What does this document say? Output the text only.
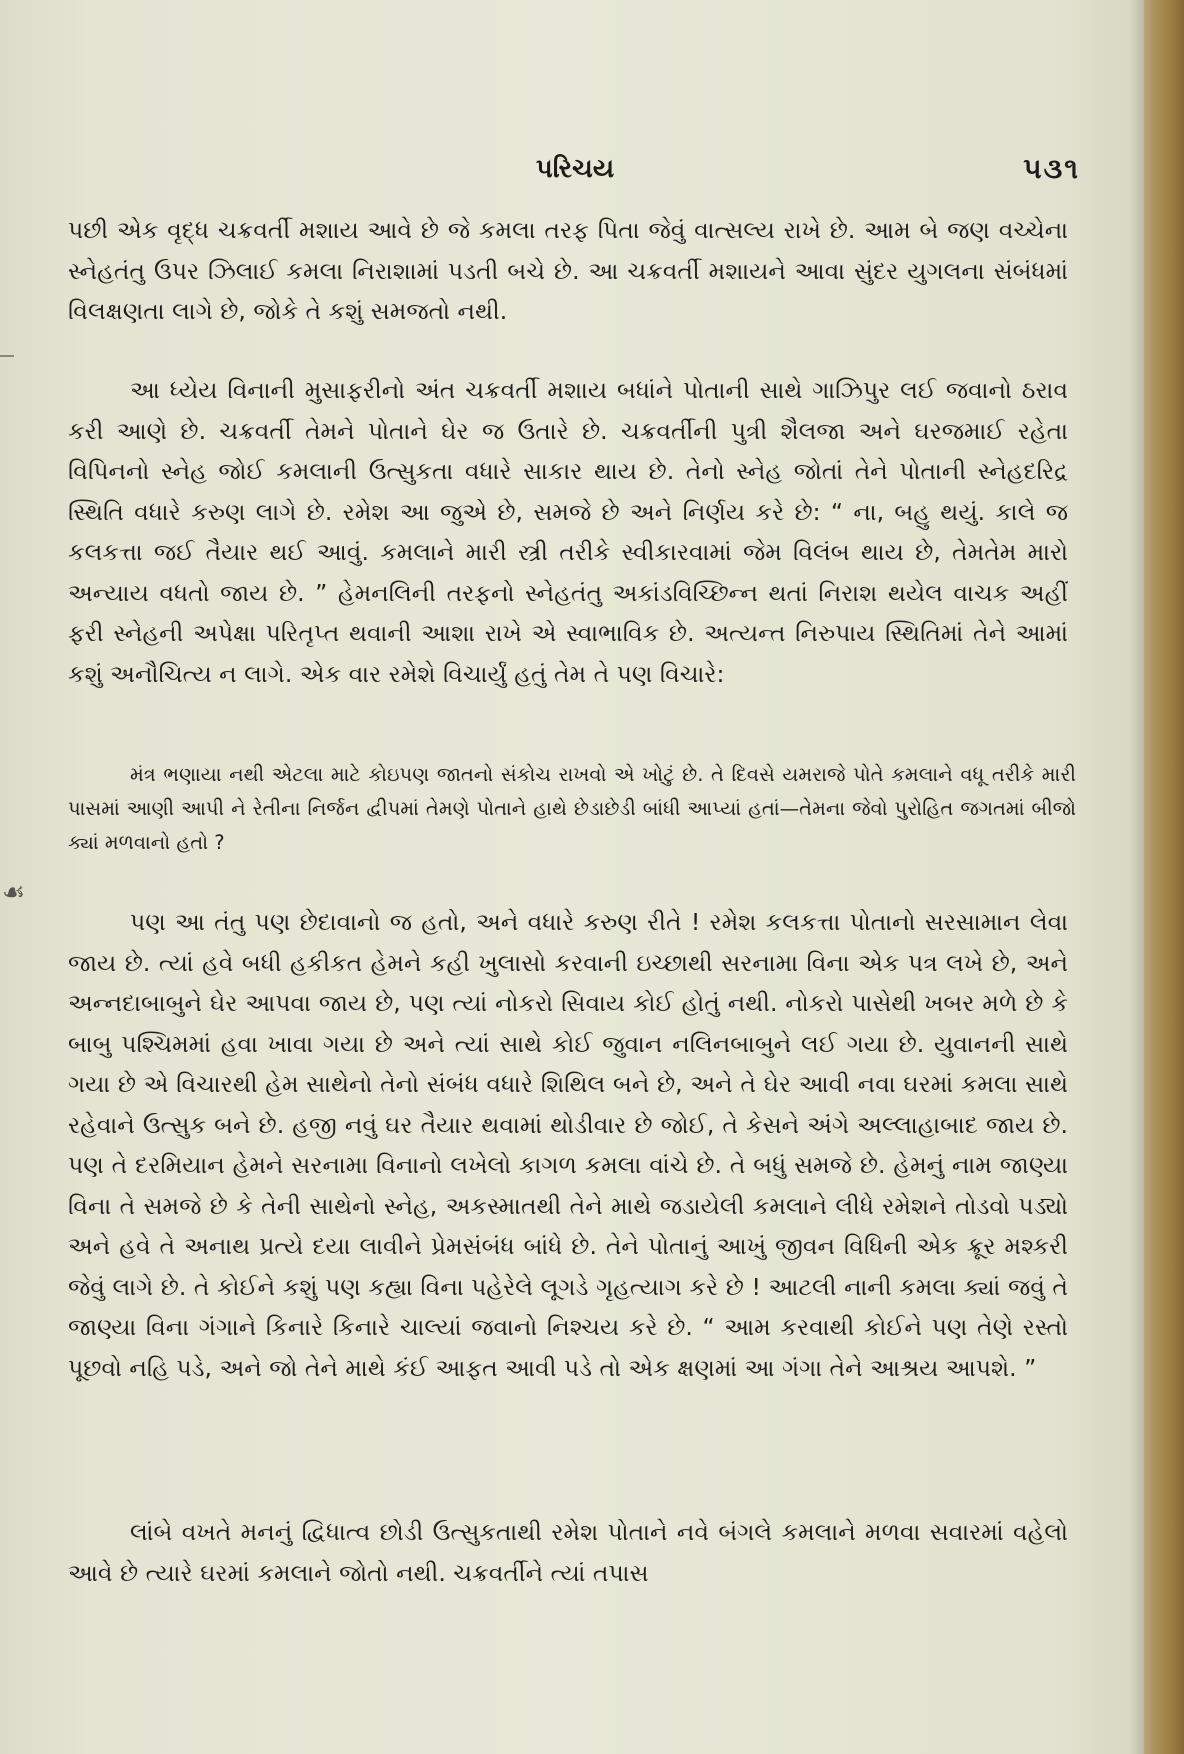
☙
પરિચય	૫૩૧
પછી એક વૃદ્ધ ચક્રવર્તી મશાય આવે છે જે કમલા તરફ પિતા જેવું વાત્સલ્ય રાખે છે. આમ બે જણ વચ્ચેના સ્નેહતંતુ ઉપર ઝિલાઈ કમલા નિરાશામાં પડતી બચે છે. આ ચક્રવર્તી મશાયને આવા સુંદર યુગલના સંબંધમાં વિલક્ષણતા લાગે છે, જોકે તે કશું સમજતો નથી.
આ ધ્યેય વિનાની મુસાફરીનો અંત ચક્રવર્તી મશાય બધાંને પોતાની સાથે ગાઝિપુર લઈ જવાનો ઠરાવ કરી આણે છે. ચક્રવર્તી તેમને પોતાને ઘેર જ ઉતારે છે. ચક્રવર્તીની પુત્રી શૈલજા અને ઘરજમાઈ રહેતા વિપિનનો સ્નેહ જોઈ કમલાની ઉત્સુકતા વધારે સાકાર થાય છે. તેનો સ્નેહ જોતાં તેને પોતાની સ્નેહદરિદ્ર સ્થિતિ વધારે કરુણ લાગે છે. રમેશ આ જુએ છે, સમજે છે અને નિર્ણય કરે છે: “ ના, બહુ થયું. કાલે જ કલકત્તા જઈ તૈયાર થઈ આવું. કમલાને મારી સ્ત્રી તરીકે સ્વીકારવામાં જેમ વિલંબ થાય છે, તેમતેમ મારો અન્યાય વધતો જાય છે. ” હેમનલિની તરફનો સ્નેહતંતુ અકાંડવિચ્છિન્ન થતાં નિરાશ થયેલ વાચક અહીં ફરી સ્નેહની અપેક્ષા પરિતૃપ્ત થવાની આશા રાખે એ સ્વાભાવિક છે. અત્યન્ત નિરુપાય સ્થિતિમાં તેને આમાં કશું અનૌચિત્ય ન લાગે. એક વાર રમેશે વિચાર્યું હતું તેમ તે પણ વિચારે:
મંત્ર ભણાયા નથી એટલા માટે કોઇપણ જાતનો સંકોચ રાખવો એ ખોટું છે. તે દિવસે યમરાજે પોતે કમલાને વધૂ તરીકે મારી પાસમાં આણી આપી ને રેતીના નિર્જન દ્વીપમાં તેમણે પોતાને હાથે છેડાછેડી બાંધી આપ્યાં હતાં—તેમના જેવો પુરોહિત જગતમાં બીજો ક્યાં મળવાનો હતો ?
પણ આ તંતુ પણ છેદાવાનો જ હતો, અને વધારે કરુણ રીતે ! રમેશ કલકત્તા પોતાનો સરસામાન લેવા જાય છે. ત્યાં હવે બધી હકીકત હેમને કહી ખુલાસો કરવાની ઇચ્છાથી સરનામા વિના એક પત્ર લખે છે, અને અન્નદાબાબુને ઘેર આપવા જાય છે, પણ ત્યાં નોકરો સિવાય કોઈ હોતું નથી. નોકરો પાસેથી ખબર મળે છે કે બાબુ પશ્ચિમમાં હવા ખાવા ગયા છે અને ત્યાં સાથે કોઈ જુવાન નલિનબાબુને લઈ ગયા છે. યુવાનની સાથે ગયા છે એ વિચારથી હેમ સાથેનો તેનો સંબંધ વધારે શિથિલ બને છે, અને તે ઘેર આવી નવા ઘરમાં કમલા સાથે રહેવાને ઉત્સુક બને છે. હજી નવું ઘર તૈયાર થવામાં થોડીવાર છે જોઈ, તે કેસને અંગે અલ્લાહાબાદ જાય છે. પણ તે દરમિયાન હેમને સરનામા વિનાનો લખેલો કાગળ કમલા વાંચે છે. તે બધું સમજે છે. હેમનું નામ જાણ્યા વિના તે સમજે છે કે તેની સાથેનો સ્નેહ, અકસ્માતથી તેને માથે જડાયેલી કમલાને લીધે રમેશને તોડવો પડ્યો અને હવે તે અનાથ પ્રત્યે દયા લાવીને પ્રેમસંબંધ બાંધે છે. તેને પોતાનું આખું જીવન વિધિની એક ક્રૂર મશ્કરી જેવું લાગે છે. તે કોઈને કશું પણ કહ્યા વિના પહેરેલે લૂગડે ગૃહત્યાગ કરે છે ! આટલી નાની કમલા ક્યાં જવું તે જાણ્યા વિના ગંગાને કિનારે કિનારે ચાલ્યાં જવાનો નિશ્ચય કરે છે. “ આમ કરવાથી કોઈને પણ તેણે રસ્તો પૂછવો નહિ પડે, અને જો તેને માથે કંઈ આફત આવી પડે તો એક ક્ષણમાં આ ગંગા તેને આશ્રય આપશે. ”
લાંબે વખતે મનનું દ્વિધાત્વ છોડી ઉત્સુકતાથી રમેશ પોતાને નવે બંગલે કમલાને મળવા સવારમાં વહેલો આવે છે ત્યારે ઘરમાં કમલાને જોતો નથી. ચક્રવર્તીને ત્યાં તપાસ
